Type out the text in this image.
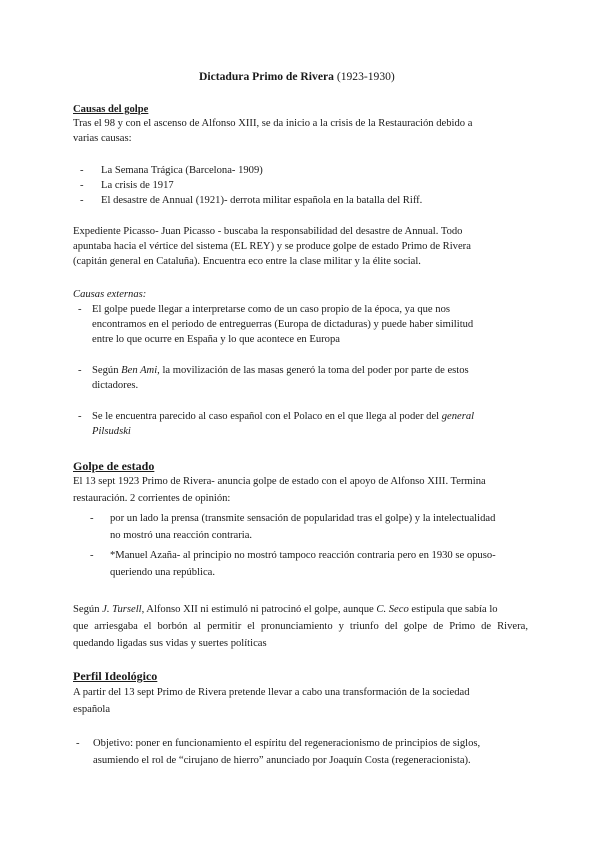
Dictadura Primo de Rivera (1923-1930)
Causas del golpe
Tras el 98 y con el ascenso de Alfonso XIII, se da inicio a la crisis de la Restauración debido a
varias causas:
- La Semana Trágica (Barcelona- 1909)
- La crisis de 1917
- El desastre de Annual (1921)- derrota militar española en la batalla del Riff.
Expediente Picasso- Juan Picasso - buscaba la responsabilidad del desastre de Annual. Todo
apuntaba hacia el vértice del sistema (EL REY) y se produce golpe de estado Primo de Rivera
(capitán general en Cataluña). Encuentra eco entre la clase militar y la élite social.
Causas externas:
- El golpe puede llegar a interpretarse como de un caso propio de la época, ya que nos
encontramos en el periodo de entreguerras (Europa de dictaduras) y puede haber similitud
entre lo que ocurre en España y lo que acontece en Europa
- Según Ben Ami, la movilización de las masas generó la toma del poder por parte de estos
dictadores.
- Se le encuentra parecido al caso español con el Polaco en el que llega al poder del general
Pilsudski
Golpe de estado
El 13 sept 1923 Primo de Rivera- anuncia golpe de estado con el apoyo de Alfonso XIII. Termina
restauración. 2 corrientes de opinión:
- por un lado la prensa (transmite sensación de popularidad tras el golpe) y la intelectualidad
no mostró una reacción contraria.
- *Manuel Azaña- al principio no mostró tampoco reacción contraria pero en 1930 se opuso-
queriendo una república.
Según J. Tursell, Alfonso XII ni estimuló ni patrocinó el golpe, aunque C. Seco estipula que sabía lo
que arriesgaba el borbón al permitir el pronunciamiento y triunfo del golpe de Primo de Rivera,
quedando ligadas sus vidas y suertes políticas
Perfil Ideológico
A partir del 13 sept Primo de Rivera pretende llevar a cabo una transformación de la sociedad
española
- Objetivo: poner en funcionamiento el espíritu del regeneracionismo de principios de siglos,
asumiendo el rol de “cirujano de hierro” anunciado por Joaquín Costa (regeneracionista).
